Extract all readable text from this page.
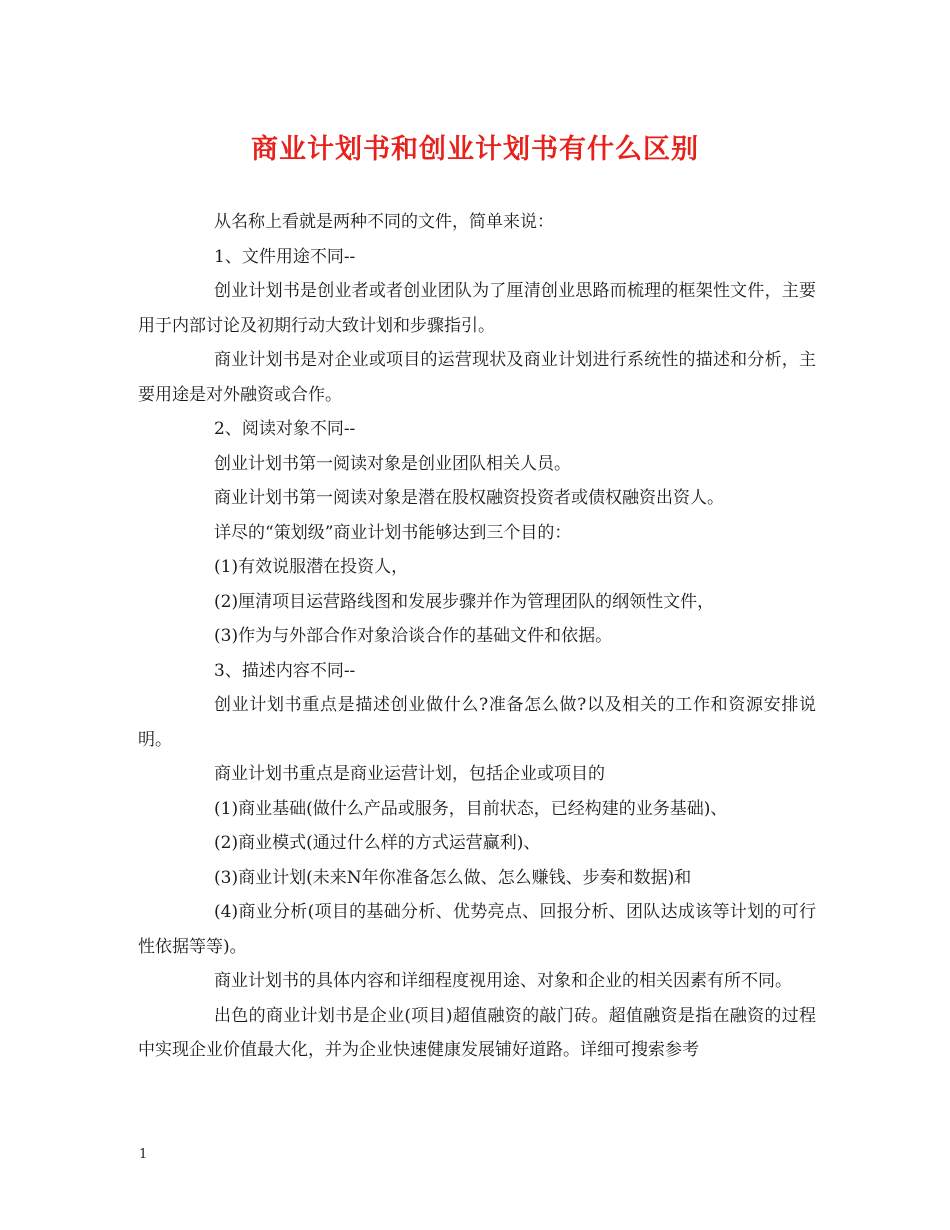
商业计划书和创业计划书有什么区别

从名称上看就是两种不同的文件，简单来说：

1、文件用途不同--

创业计划书是创业者或者创业团队为了厘清创业思路而梳理的框架性文件，主要用于内部讨论及初期行动大致计划和步骤指引。

商业计划书是对企业或项目的运营现状及商业计划进行系统性的描述和分析，主要用途是对外融资或合作。

2、阅读对象不同--

创业计划书第一阅读对象是创业团队相关人员。

商业计划书第一阅读对象是潜在股权融资投资者或债权融资出资人。

详尽的“策划级”商业计划书能够达到三个目的：

(1)有效说服潜在投资人，

(2)厘清项目运营路线图和发展步骤并作为管理团队的纲领性文件，

(3)作为与外部合作对象洽谈合作的基础文件和依据。

3、描述内容不同--

创业计划书重点是描述创业做什么?准备怎么做?以及相关的工作和资源安排说明。

商业计划书重点是商业运营计划，包括企业或项目的

(1)商业基础(做什么产品或服务，目前状态，已经构建的业务基础)、

(2)商业模式(通过什么样的方式运营赢利)、

(3)商业计划(未来N年你准备怎么做、怎么赚钱、步奏和数据)和

(4)商业分析(项目的基础分析、优势亮点、回报分析、团队达成该等计划的可行性依据等等)。

商业计划书的具体内容和详细程度视用途、对象和企业的相关因素有所不同。

出色的商业计划书是企业(项目)超值融资的敲门砖。超值融资是指在融资的过程中实现企业价值最大化，并为企业快速健康发展铺好道路。详细可搜索参考

1
